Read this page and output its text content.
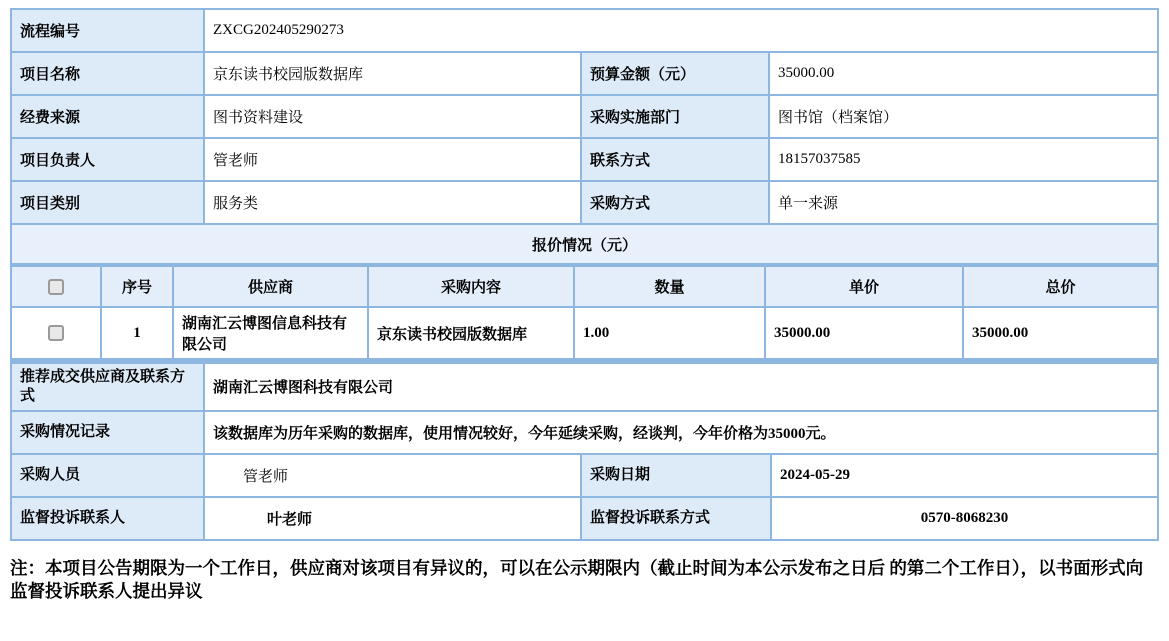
流程编号	ZXCG202405290273		
项目名称	京东读书校园版数据库	预算金额（元）	35000.00
经费来源	图书资料建设	采购实施部门	图书馆（档案馆）
项目负责人	管老师	联系方式	18157037585
项目类别	服务类	采购方式	单一来源
报价情况（元）
	序号	供应商	采购内容	数量	单价	总价
	1	湖南汇云博图信息科技有限公司	京东读书校园版数据库	1.00	35000.00	35000.00
推荐成交供应商及联系方式	湖南汇云博图科技有限公司		
采购情况记录	该数据库为历年采购的数据库，使用情况较好，今年延续采购，经谈判，今年价格为35000元。		
采购人员	管老师	采购日期	2024-05-29
监督投诉联系人	叶老师	监督投诉联系方式	0570-8068230
注：本项目公告期限为一个工作日，供应商对该项目有异议的，可以在公示期限内（截止时间为本公示发布之日后 的第二个工作日），以书面形式向监督投诉联系人提出异议
